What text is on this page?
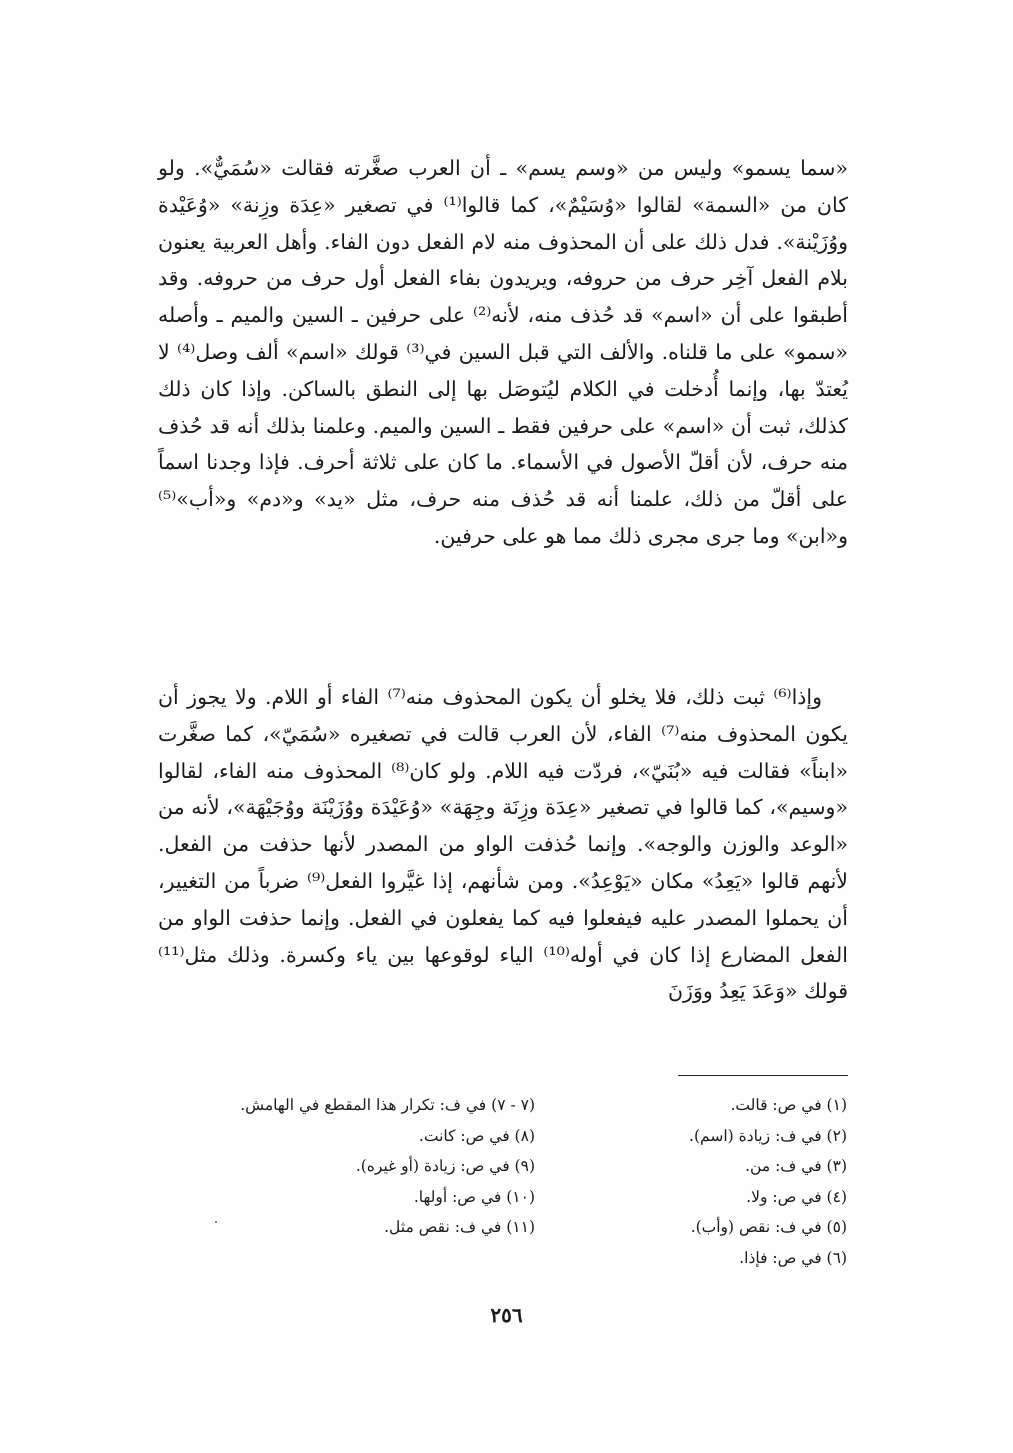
«سما يسمو» وليس من «وسم يسم» ـ أن العرب صغَّرته فقالت «سُمَيٌّ». ولو كان من «السمة» لقالوا «وُسَيْمٌ»، كما قالوا⁽¹⁾ في تصغير «عِدَة وزِنة» «وُعَيْدة ووُزَيْنة». فدل ذلك على أن المحذوف منه لام الفعل دون الفاء. وأهل العربية يعنون بلام الفعل آخِر حرف من حروفه، ويريدون بفاء الفعل أول حرف من حروفه. وقد أطبقوا على أن «اسم» قد حُذف منه، لأنه⁽²⁾ على حرفين ـ السين والميم ـ وأصله «سمو» على ما قلناه. والألف التي قبل السين في⁽³⁾ قولك «اسم» ألف وصل⁽⁴⁾ لا يُعتدّ بها، وإنما أُدخلت في الكلام ليُتوصَل بها إلى النطق بالساكن. وإذا كان ذلك كذلك، ثبت أن «اسم» على حرفين فقط ـ السين والميم. وعلمنا بذلك أنه قد حُذف منه حرف، لأن أقلّ الأصول في الأسماء. ما كان على ثلاثة أحرف. فإذا وجدنا اسماً على أقلّ من ذلك، علمنا أنه قد حُذف منه حرف، مثل «يد» و«دم» و«أب»⁽⁵⁾ و«ابن» وما جرى مجرى ذلك مما هو على حرفين.

وإذا⁽⁶⁾ ثبت ذلك، فلا يخلو أن يكون المحذوف منه⁽⁷⁾ الفاء أو اللام. ولا يجوز أن يكون المحذوف منه⁽⁷⁾ الفاء، لأن العرب قالت في تصغيره «سُمَيّ»، كما صغَّرت «ابناً» فقالت فيه «بُنَيّ»، فردّت فيه اللام. ولو كان⁽⁸⁾ المحذوف منه الفاء، لقالوا «وسيم»، كما قالوا في تصغير «عِدَة وزِنَة وجِهَة» «وُعَيْدَة ووُزَيْنَة ووُجَيْهَة»، لأنه من «الوعد والوزن والوجه». وإنما حُذفت الواو من المصدر لأنها حذفت من الفعل. لأنهم قالوا «يَعِدُ» مكان «يَوْعِدُ». ومن شأنهم، إذا غيَّروا الفعل⁽⁹⁾ ضرباً من التغيير، أن يحملوا المصدر عليه فيفعلوا فيه كما يفعلون في الفعل. وإنما حذفت الواو من الفعل المضارع إذا كان في أوله⁽¹⁰⁾ الياء لوقوعها بين ياء وكسرة. وذلك مثل⁽¹¹⁾ قولك «وَعَدَ يَعِدُ ووَزَنَ

(١) في ص: قالت.
(٢) في ف: زيادة (اسم).
(٣) في ف: من.
(٤) في ص: ولا.
(٥) في ف: نقص (وأب).
(٦) في ص: فإذا.
(٧ - ٧) في ف: تكرار هذا المقطع في الهامش.
(٨) في ص: كانت.
(٩) في ص: زيادة (أو غيره).
(١٠) في ص: أولها.
(١١) في ف: نقص مثل.
٢٥٦
